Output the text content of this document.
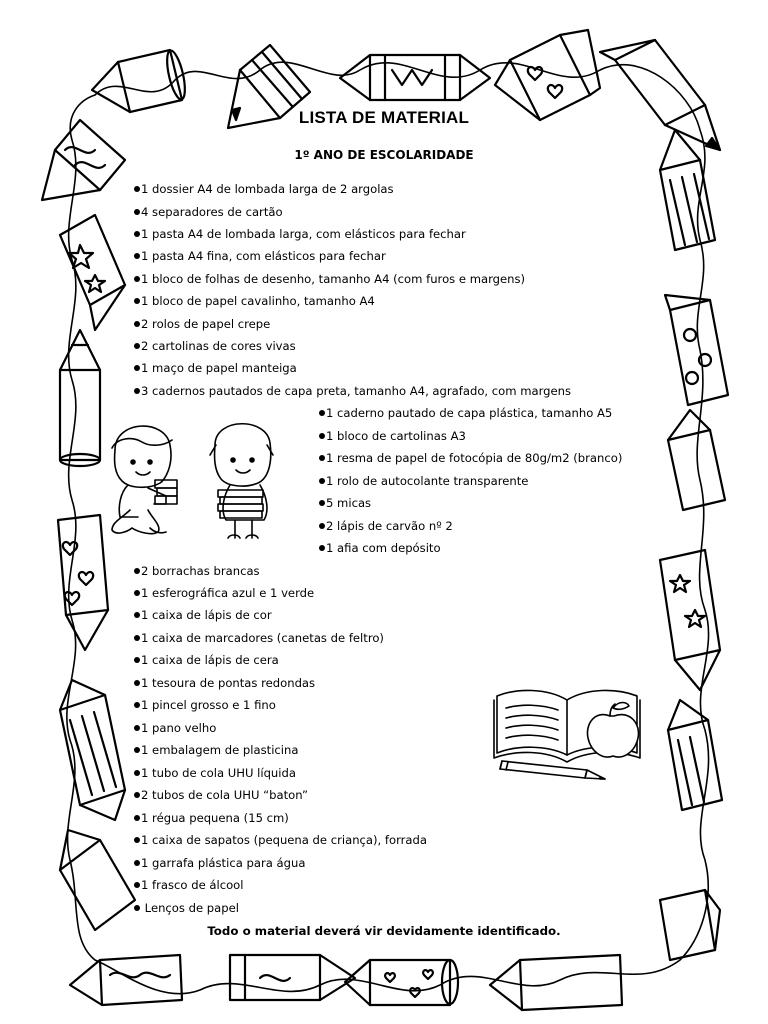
LISTA DE MATERIAL
1º ANO DE ESCOLARIDADE
1 dossier A4 de lombada larga de 2 argolas
4 separadores de cartão
1 pasta A4 de lombada larga, com elásticos para fechar
1 pasta A4 fina, com elásticos para fechar
1 bloco de folhas de desenho, tamanho A4 (com furos e margens)
1 bloco de papel cavalinho, tamanho A4
2 rolos de papel crepe
2 cartolinas de cores vivas
1 maço de papel manteiga
3 cadernos pautados de capa preta, tamanho A4, agrafado, com margens
1 caderno pautado de capa plástica, tamanho A5
1 bloco de cartolinas A3
1 resma de papel de fotocópia de 80g/m2 (branco)
1 rolo de autocolante transparente
5 micas
2 lápis de carvão nº 2
1 afia com depósito
2 borrachas brancas
1 esferográfica azul e 1 verde
1 caixa de lápis de cor
1 caixa de marcadores (canetas de feltro)
1 caixa de lápis de cera
1 tesoura de pontas redondas
1 pincel grosso e 1 fino
1 pano velho
1 embalagem de plasticina
1 tubo de cola UHU líquida
2 tubos de cola UHU “baton”
1 régua pequena (15 cm)
1 caixa de sapatos (pequena de criança), forrada
1 garrafa plástica para água
1 frasco de álcool
Lenços de papel
Todo o material deverá vir devidamente identificado.
